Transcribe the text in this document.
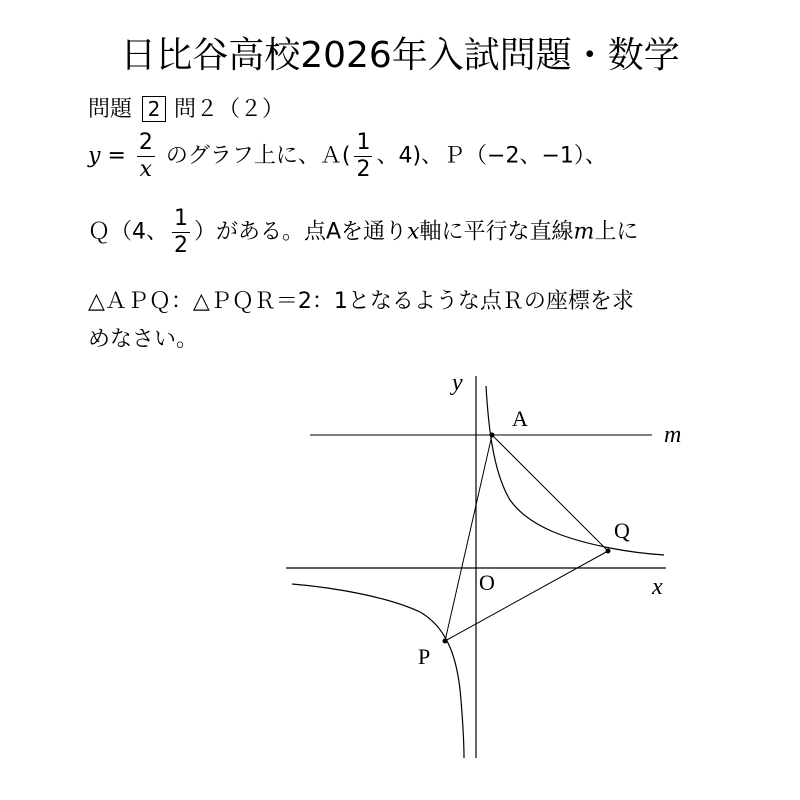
日比谷高校2026年入試問題・数学
問題 2 問２（２）
$y = \frac{2}{x}$ のグラフ上に、Ａ( $\frac{1}{2}$ 、4)、Ｐ（−2、−1）、
Ｑ（4、 $\frac{1}{2}$ ）がある。点Aを通りx軸に平行な直線m上に
△ＡＰＱ：△ＰＱＲ＝2：1となるような点Ｒの座標を求
めなさい。
y
x
O
A
P
Q
m
